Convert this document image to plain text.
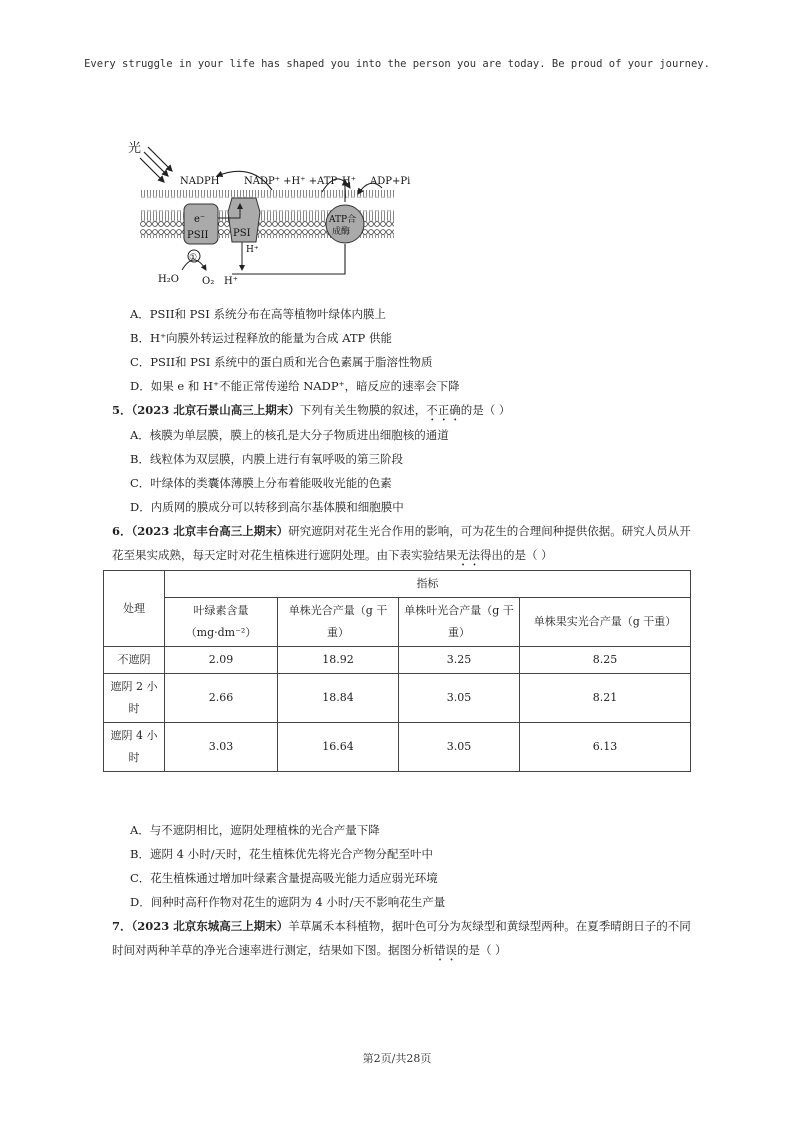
Every struggle in your life has shaped you into the person you are today. Be proud of your journey.
光
e⁻
PSII PSI
ATP合
成酶
NADPH NADP⁺ +H⁺ +ATP H⁺ ADP+Pi
H⁺
①
H₂O O₂ H⁺
A．PSII和 PSI 系统分布在高等植物叶绿体内膜上
B．H⁺向膜外转运过程释放的能量为合成 ATP 供能
C．PSII和 PSI 系统中的蛋白质和光合色素属于脂溶性物质
D．如果 e 和 H⁺不能正常传递给 NADP⁺，暗反应的速率会下降
5．（2023 北京石景山高三上期末）下列有关生物膜的叙述，不正确的是（ ）
A．核膜为单层膜，膜上的核孔是大分子物质进出细胞核的通道
B．线粒体为双层膜，内膜上进行有氧呼吸的第三阶段
C．叶绿体的类囊体薄膜上分布着能吸收光能的色素
D．内质网的膜成分可以转移到高尔基体膜和细胞膜中
6．（2023 北京丰台高三上期末）研究遮阴对花生光合作用的影响，可为花生的合理间种提供依据。研究人员从开花至果实成熟，每天定时对花生植株进行遮阴处理。由下表实验结果无法得出的是（ ）
处理	指标			
	叶绿素含量（mg·dm⁻²）	单株光合产量（g 干重）	单株叶光合产量（g 干重）	单株果实光合产量（g 干重）
不遮阴	2.09	18.92	3.25	8.25
遮阴 2 小时	2.66	18.84	3.05	8.21
遮阴 4 小时	3.03	16.64	3.05	6.13
A．与不遮阴相比，遮阴处理植株的光合产量下降
B．遮阴 4 小时/天时，花生植株优先将光合产物分配至叶中
C．花生植株通过增加叶绿素含量提高吸光能力适应弱光环境
D．间种时高秆作物对花生的遮阴为 4 小时/天不影响花生产量
7．（2023 北京东城高三上期末）羊草属禾本科植物，据叶色可分为灰绿型和黄绿型两种。在夏季晴朗日子的不同时间对两种羊草的净光合速率进行测定，结果如下图。据图分析错误的是（ ）
第2页/共28页
